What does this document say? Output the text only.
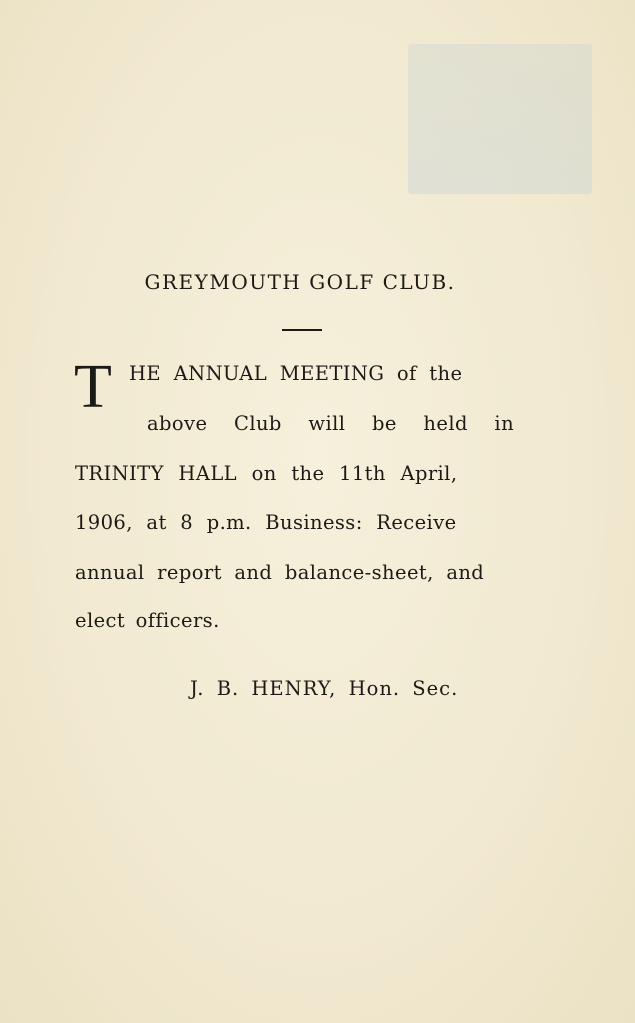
GREYMOUTH GOLF CLUB.
T HE ANNUAL MEETING of the
above Club will be held in
TRINITY HALL on the 11th April,
1906, at 8 p.m. Business: Receive
annual report and balance-sheet, and
elect officers.
J. B. HENRY, Hon. Sec.
